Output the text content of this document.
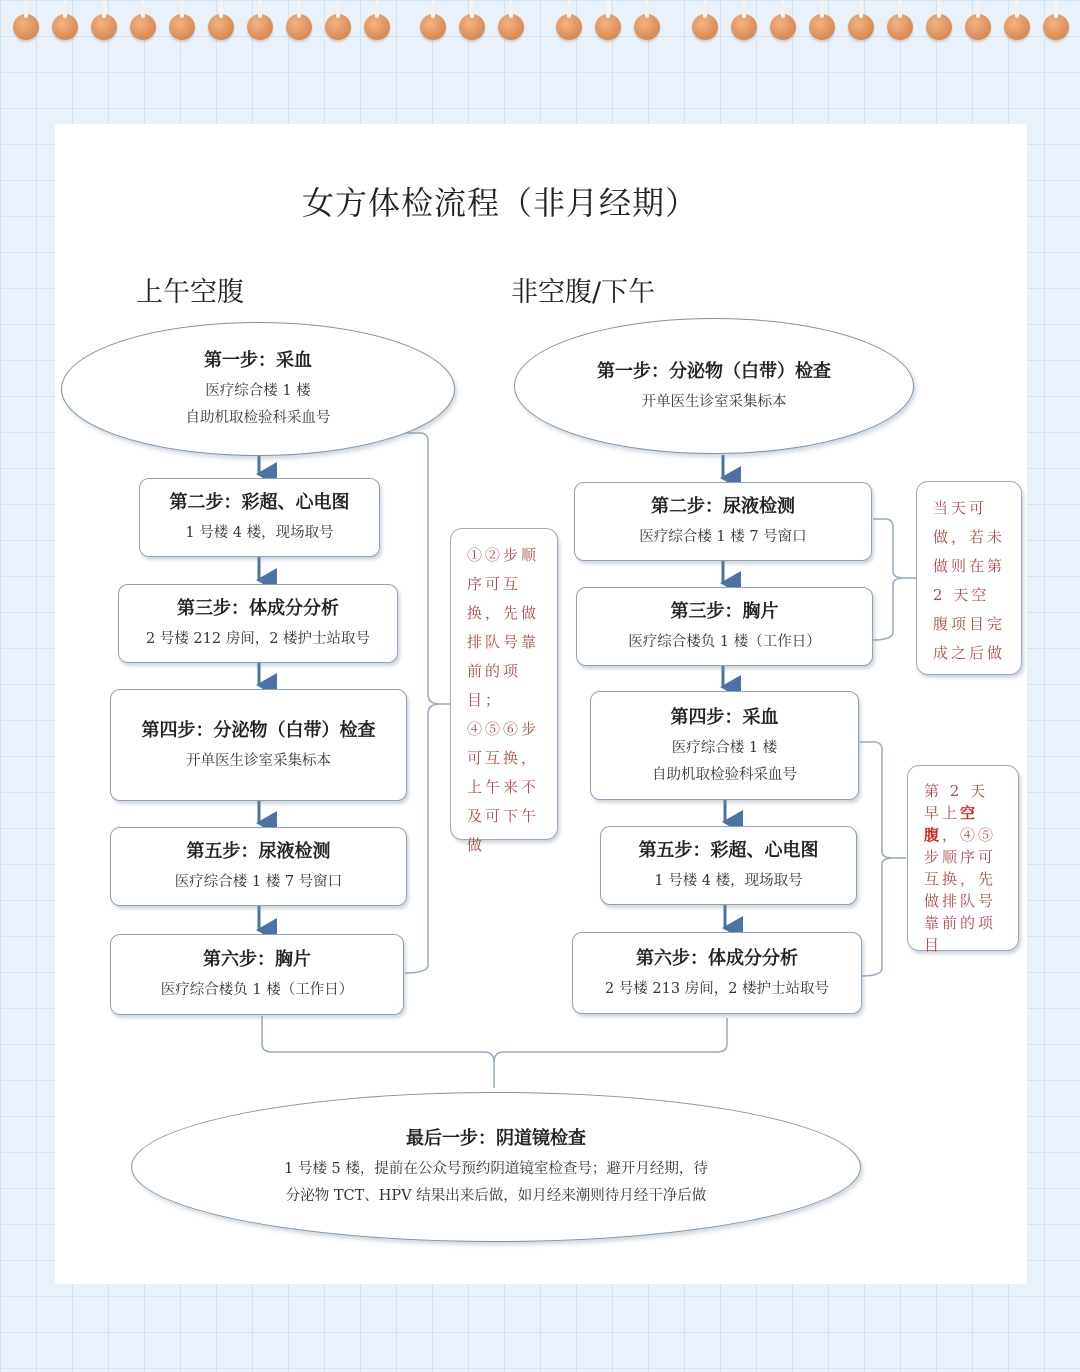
女方体检流程（非月经期）
上午空腹	非空腹/下午
第一步：采血
医疗综合楼 1 楼
自助机取检验科采血号
第二步：彩超、心电图
1 号楼 4 楼，现场取号
第三步：体成分分析
2 号楼 212 房间，2 楼护士站取号
第四步：分泌物（白带）检查
开单医生诊室采集标本
第五步：尿液检测
医疗综合楼 1 楼 7 号窗口
第六步：胸片
医疗综合楼负 1 楼（工作日）
①②步顺序可互换，先做排队号靠前的项目；④⑤⑥步可互换，上午来不及可下午做
第一步：分泌物（白带）检查
开单医生诊室采集标本
第二步：尿液检测
医疗综合楼 1 楼 7 号窗口
第三步：胸片
医疗综合楼负 1 楼（工作日）
第四步：采血
医疗综合楼 1 楼
自助机取检验科采血号
第五步：彩超、心电图
1 号楼 4 楼，现场取号
第六步：体成分分析
2 号楼 213 房间，2 楼护士站取号
当天可做，若未做则在第 2 天空腹项目完成之后做
第 2 天早上空腹，④⑤步顺序可互换，先做排队号靠前的项目
最后一步：阴道镜检查
1 号楼 5 楼，提前在公众号预约阴道镜室检查号；避开月经期，待
分泌物 TCT、HPV 结果出来后做，如月经来潮则待月经干净后做
